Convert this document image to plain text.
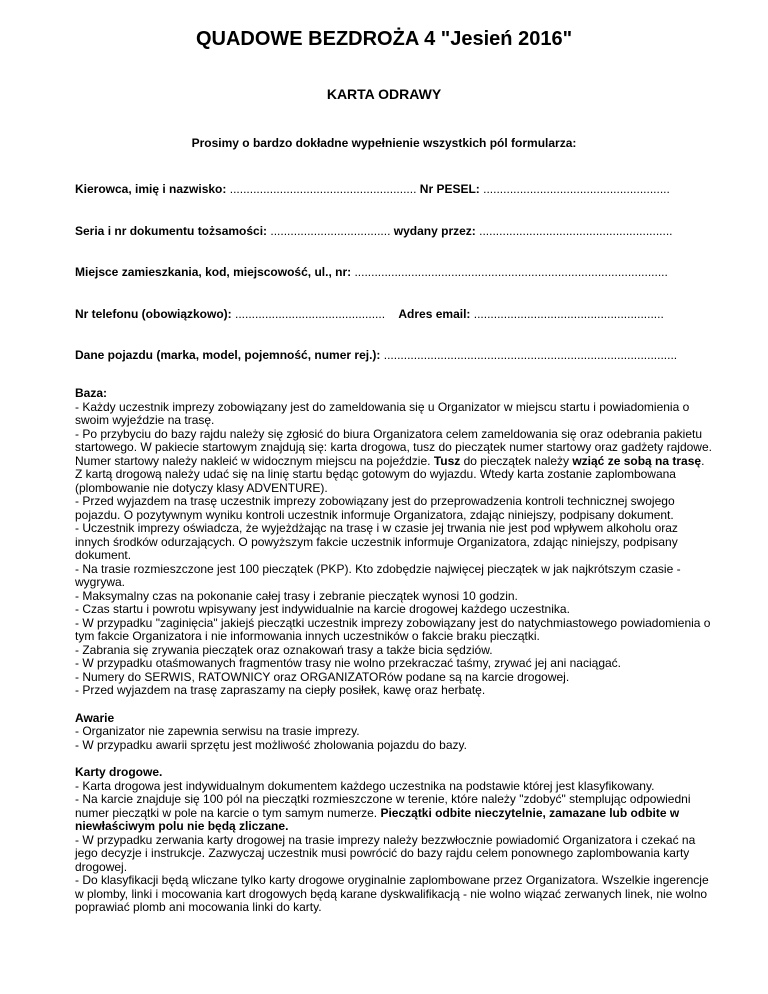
QUADOWE BEZDROŻA 4 "Jesień 2016"
KARTA ODRAWY
Prosimy o bardzo dokładne wypełnienie wszystkich pól formularza:
Kierowca, imię i nazwisko: ........................................................ Nr PESEL: ........................................................
Seria i nr dokumentu tożsamości: .................................... wydany przez: ..........................................................
Miejsce zamieszkania, kod, miejscowość, ul., nr: ..............................................................................................
Nr telefonu (obowiązkowo): ............................................. Adres email: .........................................................
Dane pojazdu (marka, model, pojemność, numer rej.): ........................................................................................

Baza:

- Każdy uczestnik imprezy zobowiązany jest do zameldowania się u Organizator w miejscu startu i powiadomienia o swoim wyjeździe na trasę.

- Po przybyciu do bazy rajdu należy się zgłosić do biura Organizatora celem zameldowania się oraz odebrania pakietu startowego. W pakiecie startowym znajdują się: karta drogowa, tusz do pieczątek numer startowy oraz gadżety rajdowe.

Numer startowy należy nakleić w widocznym miejscu na pojeździe. Tusz do pieczątek należy wziąć ze sobą na trasę. Z kartą drogową należy udać się na linię startu będąc gotowym do wyjazdu. Wtedy karta zostanie zaplombowana (plombowanie nie dotyczy klasy ADVENTURE).

- Przed wyjazdem na trasę uczestnik imprezy zobowiązany jest do przeprowadzenia kontroli technicznej swojego pojazdu. O pozytywnym wyniku kontroli uczestnik informuje Organizatora, zdając niniejszy, podpisany dokument.

- Uczestnik imprezy oświadcza, że wyjeżdżając na trasę i w czasie jej trwania nie jest pod wpływem alkoholu oraz innych środków odurzających. O powyższym fakcie uczestnik informuje Organizatora, zdając niniejszy, podpisany dokument.

- Na trasie rozmieszczone jest 100 pieczątek (PKP). Kto zdobędzie najwięcej pieczątek w jak najkrótszym czasie - wygrywa.

- Maksymalny czas na pokonanie całej trasy i zebranie pieczątek wynosi 10 godzin.

- Czas startu i powrotu wpisywany jest indywidualnie na karcie drogowej każdego uczestnika.

- W przypadku "zaginięcia" jakiejś pieczątki uczestnik imprezy zobowiązany jest do natychmiastowego powiadomienia o tym fakcie Organizatora i nie informowania innych uczestników o fakcie braku pieczątki.

- Zabrania się zrywania pieczątek oraz oznakowań trasy a także bicia sędziów.

- W przypadku otaśmowanych fragmentów trasy nie wolno przekraczać taśmy, zrywać jej ani naciągać.

- Numery do SERWIS, RATOWNICY oraz ORGANIZATORów podane są na karcie drogowej.

- Przed wyjazdem na trasę zapraszamy na ciepły posiłek, kawę oraz herbatę.

Awarie

- Organizator nie zapewnia serwisu na trasie imprezy.

- W przypadku awarii sprzętu jest możliwość zholowania pojazdu do bazy.

Karty drogowe.

- Karta drogowa jest indywidualnym dokumentem każdego uczestnika na podstawie której jest klasyfikowany.

- Na karcie znajduje się 100 pól na pieczątki rozmieszczone w terenie, które należy "zdobyć" stemplując odpowiedni numer pieczątki w pole na karcie o tym samym numerze. Pieczątki odbite nieczytelnie, zamazane lub odbite w niewłaściwym polu nie będą zliczane.

- W przypadku zerwania karty drogowej na trasie imprezy należy bezzwłocznie powiadomić Organizatora i czekać na jego decyzje i instrukcje. Zazwyczaj uczestnik musi powrócić do bazy rajdu celem ponownego zaplombowania karty drogowej.

- Do klasyfikacji będą wliczane tylko karty drogowe oryginalnie zaplombowane przez Organizatora. Wszelkie ingerencje w plomby, linki i mocowania kart drogowych będą karane dyskwalifikacją - nie wolno wiązać zerwanych linek, nie wolno poprawiać plomb ani mocowania linki do karty.
